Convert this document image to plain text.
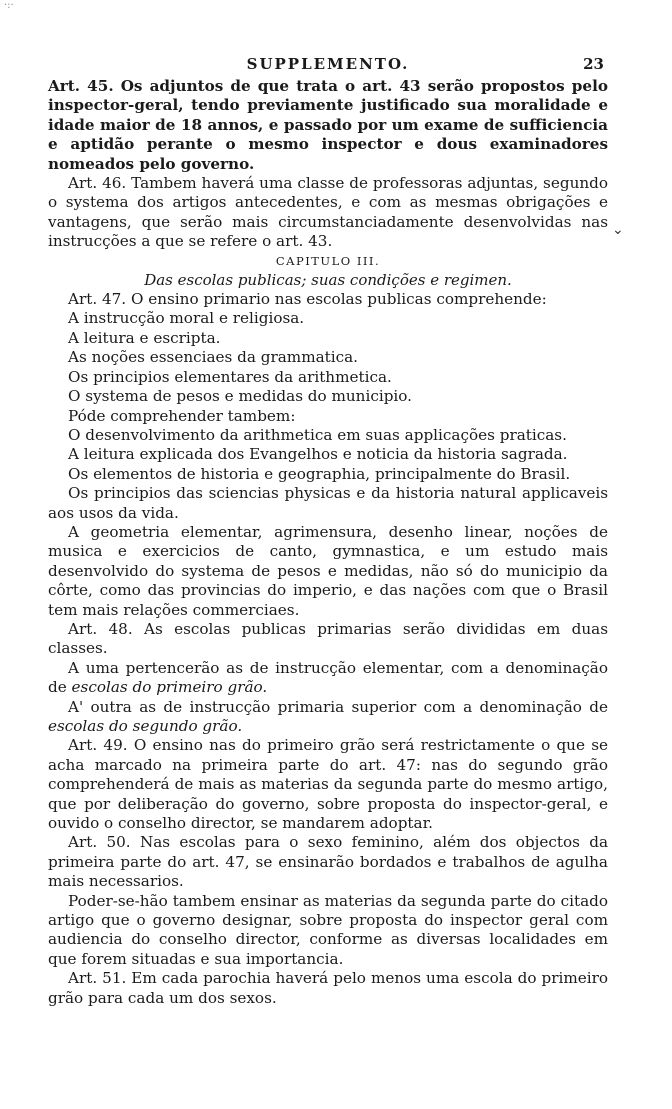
·:·
SUPPLEMENTO.	23

Art. 45. Os adjuntos de que trata o art. 43 serão propostos pelo inspector-geral, tendo previamente justificado sua moralidade e idade maior de 18 annos, e passado por um exame de sufficiencia e aptidão perante o mesmo inspector e dous examinadores nomeados pelo governo.

Art. 46. Tambem haverá uma classe de professoras adjuntas, segundo o systema dos artigos antecedentes, e com as mesmas obrigações e vantagens, que serão mais circumstanciadamente desenvolvidas nas instrucções a que se refere o art. 43.

CAPITULO III.

Das escolas publicas; suas condições e regimen.

Art. 47. O ensino primario nas escolas publicas comprehende:

A instrucção moral e religiosa.

A leitura e escripta.

As noções essenciaes da grammatica.

Os principios elementares da arithmetica.

O systema de pesos e medidas do municipio.

Póde comprehender tambem:

O desenvolvimento da arithmetica em suas applicações praticas.

A leitura explicada dos Evangelhos e noticia da historia sagrada.

Os elementos de historia e geographia, principalmente do Brasil.

Os principios das sciencias physicas e da historia natural applicaveis aos usos da vida.

A geometria elementar, agrimensura, desenho linear, noções de musica e exercicios de canto, gymnastica, e um estudo mais desenvolvido do systema de pesos e medidas, não só do municipio da côrte, como das provincias do imperio, e das nações com que o Brasil tem mais relações commerciaes.

Art. 48. As escolas publicas primarias serão divididas em duas classes.

A uma pertencerão as de instrucção elementar, com a denominação de escolas do primeiro grão.

A' outra as de instrucção primaria superior com a denominação de escolas do segundo grão.

Art. 49. O ensino nas do primeiro grão será restrictamente o que se acha marcado na primeira parte do art. 47: nas do segundo grão comprehenderá de mais as materias da segunda parte do mesmo artigo, que por deliberação do governo, sobre proposta do inspector-geral, e ouvido o conselho director, se mandarem adoptar.

Art. 50. Nas escolas para o sexo feminino, além dos objectos da primeira parte do art. 47, se ensinarão bordados e trabalhos de agulha mais necessarios.

Poder-se-hão tambem ensinar as materias da segunda parte do citado artigo que o governo designar, sobre proposta do inspector geral com audiencia do conselho director, conforme as diversas localidades em que forem situadas e sua importancia.

Art. 51. Em cada parochia haverá pelo menos uma escola do primeiro grão para cada um dos sexos.

⌄
